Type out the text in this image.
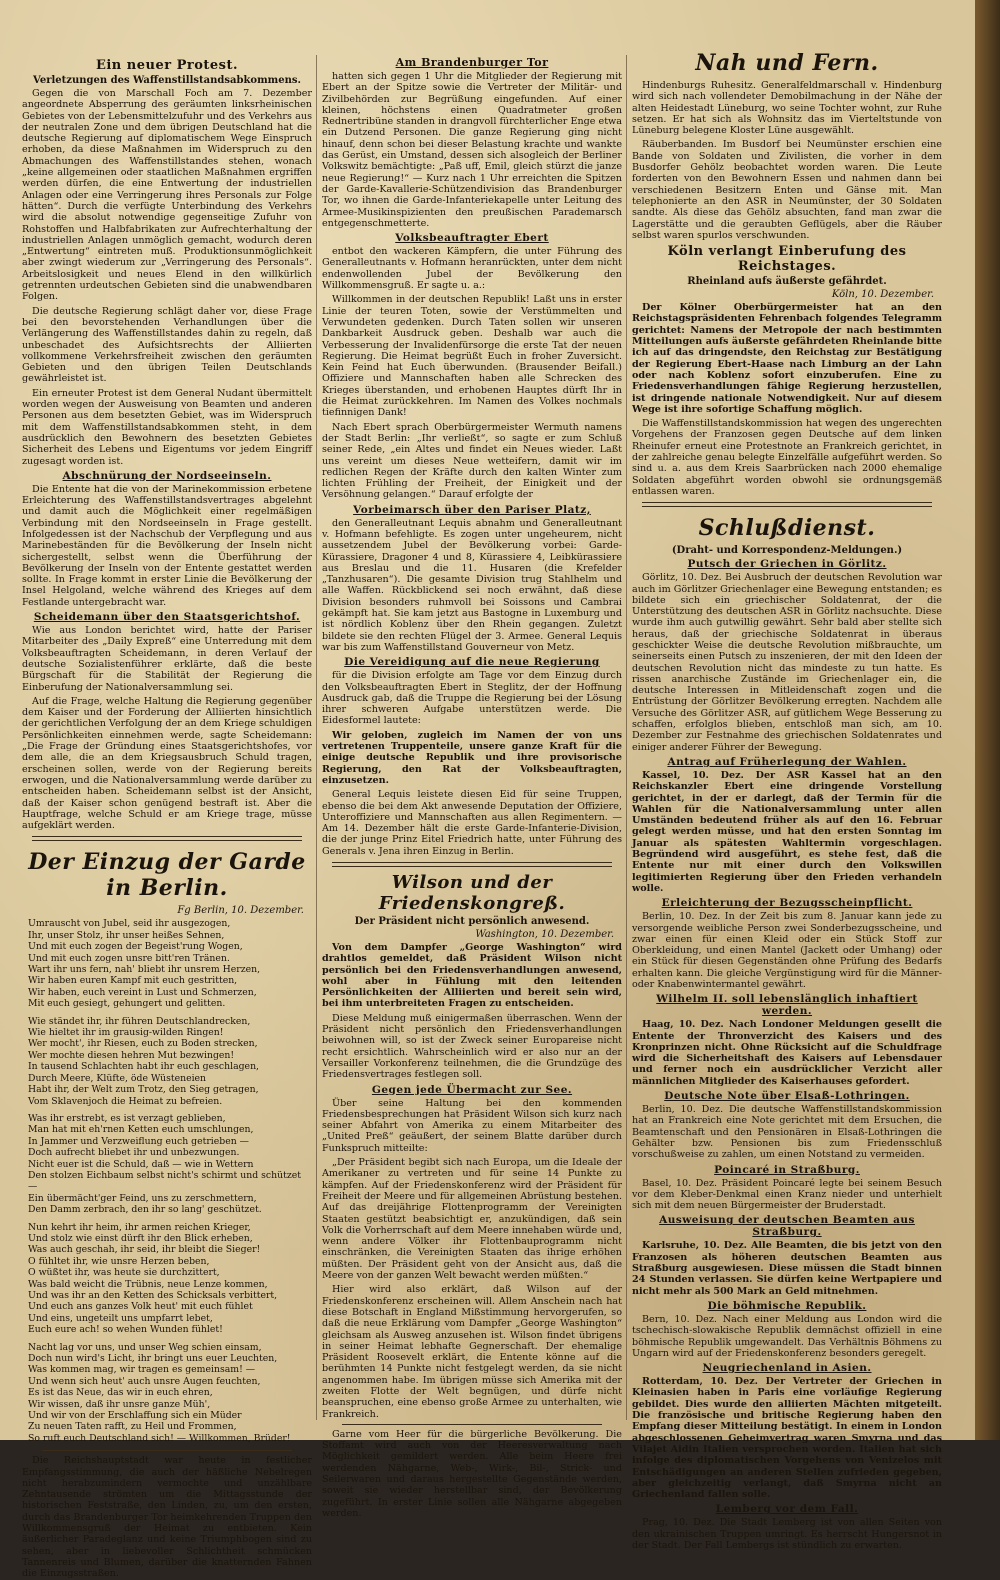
Ein neuer Protest.
Verletzungen des Waffenstillstandsabkommens.

Gegen die von Marschall Foch am 7. Dezember angeordnete Absperrung des geräumten linksrheinischen Gebietes von der Lebensmittelzufuhr und des Verkehrs aus der neutralen Zone und dem übrigen Deutschland hat die deutsche Regierung auf diplomatischem Wege Einspruch erhoben, da diese Maßnahmen im Widerspruch zu den Abmachungen des Waffenstillstandes stehen, wonach „keine allgemeinen oder staatlichen Maßnahmen ergriffen werden dürfen, die eine Entwertung der industriellen Anlagen oder eine Verringerung ihres Personals zur Folge hätten“. Durch die verfügte Unterbindung des Verkehrs wird die absolut notwendige gegenseitige Zufuhr von Rohstoffen und Halbfabrikaten zur Aufrechterhaltung der industriellen Anlagen unmöglich gemacht, wodurch deren „Entwertung“ eintreten muß. Produktionsunmöglichkeit aber zwingt wiederum zur „Verringerung des Personals“. Arbeitslosigkeit und neues Elend in den willkürlich getrennten urdeutschen Gebieten sind die unabwendbaren Folgen.

Die deutsche Regierung schlägt daher vor, diese Frage bei den bevorstehenden Verhandlungen über die Verlängerung des Waffenstillstandes dahin zu regeln, daß unbeschadet des Aufsichtsrechts der Alliierten vollkommene Verkehrsfreiheit zwischen den geräumten Gebieten und den übrigen Teilen Deutschlands gewährleistet ist.

Ein erneuter Protest ist dem General Nudant übermittelt worden wegen der Ausweisung von Beamten und anderen Personen aus dem besetzten Gebiet, was im Widerspruch mit dem Waffenstillstandsabkommen steht, in dem ausdrücklich den Bewohnern des besetzten Gebietes Sicherheit des Lebens und Eigentums vor jedem Eingriff zugesagt worden ist.

Abschnürung der Nordseeinseln.

Die Entente hat die von der Marinekommission erbetene Erleichterung des Waffenstillstandsvertrages abgelehnt und damit auch die Möglichkeit einer regelmäßigen Verbindung mit den Nordseeinseln in Frage gestellt. Infolgedessen ist der Nachschub der Verpflegung und aus Marinebeständen für die Bevölkerung der Inseln nicht sichergestellt, selbst wenn die Überführung der Bevölkerung der Inseln von der Entente gestattet werden sollte. In Frage kommt in erster Linie die Bevölkerung der Insel Helgoland, welche während des Krieges auf dem Festlande untergebracht war.

Scheidemann über den Staatsgerichtshof.

Wie aus London berichtet wird, hatte der Pariser Mitarbeiter des „Daily Expreß“ eine Unterredung mit dem Volksbeauftragten Scheidemann, in deren Verlauf der deutsche Sozialistenführer erklärte, daß die beste Bürgschaft für die Stabilität der Regierung die Einberufung der Nationalversammlung sei.

Auf die Frage, welche Haltung die Regierung gegenüber dem Kaiser und der Forderung der Alliierten hinsichtlich der gerichtlichen Verfolgung der an dem Kriege schuldigen Persönlichkeiten einnehmen werde, sagte Scheidemann: „Die Frage der Gründung eines Staatsgerichtshofes, vor dem alle, die an dem Kriegsausbruch Schuld tragen, erscheinen sollen, werde von der Regierung bereits erwogen, und die Nationalversammlung werde darüber zu entscheiden haben. Scheidemann selbst ist der Ansicht, daß der Kaiser schon genügend bestraft ist. Aber die Hauptfrage, welche Schuld er am Kriege trage, müsse aufgeklärt werden.

Der Einzug der Garde in Berlin.
Fg Berlin, 10. Dezember.
Umrauscht von Jubel, seid ihr ausgezogen,
Ihr, unser Stolz, ihr unser heißes Sehnen,
Und mit euch zogen der Begeist'rung Wogen,
Und mit euch zogen unsre bitt'ren Tränen.
Wart ihr uns fern, nah' bliebt ihr unsrem Herzen,
Wir haben euren Kampf mit euch gestritten,
Wir haben, euch vereint in Lust und Schmerzen,
Mit euch gesiegt, gehungert und gelitten.
Wie ständet ihr, ihr führen Deutschlandrecken,
Wie hieltet ihr im grausig-wilden Ringen!
Wer mocht', ihr Riesen, euch zu Boden strecken,
Wer mochte diesen hehren Mut bezwingen!
In tausend Schlachten habt ihr euch geschlagen,
Durch Meere, Klüfte, öde Wüsteneien
Habt ihr, der Welt zum Trotz, den Sieg getragen,
Vom Sklavenjoch die Heimat zu befreien.
Was ihr erstrebt, es ist verzagt geblieben,
Man hat mit eh'rnen Ketten euch umschlungen,
In Jammer und Verzweiflung euch getrieben —
Doch aufrecht bliebet ihr und unbezwungen.
Nicht euer ist die Schuld, daß — wie in Wettern
Den stolzen Eichbaum selbst nicht's schirmt und schützet —
Ein übermächt'ger Feind, uns zu zerschmettern,
Den Damm zerbrach, den ihr so lang' geschützet.
Nun kehrt ihr heim, ihr armen reichen Krieger,
Und stolz wie einst dürft ihr den Blick erheben,
Was auch geschah, ihr seid, ihr bleibt die Sieger!
O fühltet ihr, wie unsre Herzen beben,
O wüßtet ihr, was heute sie durchzittert,
Was bald weicht die Trübnis, neue Lenze kommen,
Und was ihr an den Ketten des Schicksals verbittert,
Und euch ans ganzes Volk heut' mit euch fühlet
Und eins, ungeteilt uns umpfarrt lebet,
Euch eure ach! so wehen Wunden fühlet!
Nacht lag vor uns, und unser Weg schien einsam,
Doch nun wird's Licht, ihr bringt uns euer Leuchten,
Was kommen mag, wir tragen es gemeinsam! —
Und wenn sich heut' auch unsre Augen feuchten,
Es ist das Neue, das wir in euch ehren,
Wir wissen, daß ihr unsre ganze Müh',
Und wir von der Erschlaffung sich ein Müder
Zu neuen Taten rafft, zu Heil und Frommen,
So ruft euch Deutschland sich! — Willkommen, Brüder!

Die Reichshauptstadt war heute in festlicher Empfangsstimmung, die auch der häßliche Nebelregen nicht herabzumindern vermochte und unzählbare Zehntausende strömten um die Mittagsstunde der historischen Feststraße, den Linden, zu, um den ersten, durch das Brandenburger Tor heimkehrenden Truppen den Willkommensgruß der Heimat zu entbieten. Kein äußerlicher Paradeglanz und keine Triumphbogen sind zu sehen, aber in liebevoller Schlichtheit schmücken Tannenreis und Blumen, darüber die knatternden Fahnen die Einzugsstraßen.

Am Brandenburger Tor

hatten sich gegen 1 Uhr die Mitglieder der Regierung mit Ebert an der Spitze sowie die Vertreter der Militär- und Zivilbehörden zur Begrüßung eingefunden. Auf einer kleinen, höchstens einen Quadratmeter großen Rednertribüne standen in drangvoll fürchterlicher Enge etwa ein Dutzend Personen. Die ganze Regierung ging nicht hinauf, denn schon bei dieser Belastung krachte und wankte das Gerüst, ein Umstand, dessen sich alsogleich der Berliner Volkswitz bemächtigte: „Paß uff, Emil, gleich stürzt die janze neue Regierung!“ — Kurz nach 1 Uhr erreichten die Spitzen der Garde-Kavallerie-Schützendivision das Brandenburger Tor, wo ihnen die Garde-Infanteriekapelle unter Leitung des Armee-Musikinspizienten den preußischen Parademarsch entgegenschmetterte.

Volksbeauftragter Ebert

entbot den wackeren Kämpfern, die unter Führung des Generalleutnants v. Hofmann heranrückten, unter dem nicht endenwollenden Jubel der Bevölkerung den Willkommensgruß. Er sagte u. a.:

Willkommen in der deutschen Republik! Laßt uns in erster Linie der teuren Toten, sowie der Verstümmelten und Verwundeten gedenken. Durch Taten sollen wir unseren Dankbarkeit Ausdruck geben. Deshalb war auch die Verbesserung der Invalidenfürsorge die erste Tat der neuen Regierung. Die Heimat begrüßt Euch in froher Zuversicht. Kein Feind hat Euch überwunden. (Brausender Beifall.) Offiziere und Mannschaften haben alle Schrecken des Krieges überstanden, und erhobenen Hauptes dürft Ihr in die Heimat zurückkehren. Im Namen des Volkes nochmals tiefinnigen Dank!

Nach Ebert sprach Oberbürgermeister Wermuth namens der Stadt Berlin: „Ihr verließt“, so sagte er zum Schluß seiner Rede, „ein Altes und findet ein Neues wieder. Laßt uns vereint um dieses Neue wetteifern, damit wir im redlichen Regen der Kräfte durch den kalten Winter zum lichten Frühling der Freiheit, der Einigkeit und der Versöhnung gelangen.“ Darauf erfolgte der

Vorbeimarsch über den Pariser Platz,

den Generalleutnant Lequis abnahm und Generalleutnant v. Hofmann befehligte. Es zogen unter ungeheurem, nicht aussetzendem Jubel der Bevölkerung vorbei: Garde-Kürassiere, Dragoner 4 und 8, Kürassiere 4, Leibkürassiere aus Breslau und die 11. Husaren (die Krefelder „Tanzhusaren“). Die gesamte Division trug Stahlhelm und alle Waffen. Rückblickend sei noch erwähnt, daß diese Division besonders ruhmvoll bei Soissons und Cambrai gekämpft hat. Sie kam jetzt aus Bastogne in Luxemburg und ist nördlich Koblenz über den Rhein gegangen. Zuletzt bildete sie den rechten Flügel der 3. Armee. General Lequis war bis zum Waffenstillstand Gouverneur von Metz.

Die Vereidigung auf die neue Regierung

für die Division erfolgte am Tage vor dem Einzug durch den Volksbeauftragten Ebert in Steglitz, der der Hoffnung Ausdruck gab, daß die Truppe die Regierung bei der Lösung ihrer schweren Aufgabe unterstützen werde. Die Eidesformel lautete:

Wir geloben, zugleich im Namen der von uns vertretenen Truppenteile, unsere ganze Kraft für die einige deutsche Republik und ihre provisorische Regierung, den Rat der Volksbeauftragten, einzusetzen.

General Lequis leistete diesen Eid für seine Truppen, ebenso die bei dem Akt anwesende Deputation der Offiziere, Unteroffiziere und Mannschaften aus allen Regimentern. — Am 14. Dezember hält die erste Garde-Infanterie-Division, die der junge Prinz Eitel Friedrich hatte, unter Führung des Generals v. Jena ihren Einzug in Berlin.

Wilson und der Friedenskongreß.
Der Präsident nicht persönlich anwesend.
Washington, 10. Dezember.

Von dem Dampfer „George Washington“ wird drahtlos gemeldet, daß Präsident Wilson nicht persönlich bei den Friedensverhandlungen anwesend, wohl aber in Fühlung mit den leitenden Persönlichkeiten der Alliierten und bereit sein wird, bei ihm unterbreiteten Fragen zu entscheiden.

Diese Meldung muß einigermaßen überraschen. Wenn der Präsident nicht persönlich den Friedensverhandlungen beiwohnen will, so ist der Zweck seiner Europareise nicht recht ersichtlich. Wahrscheinlich wird er also nur an der Versailler Vorkonferenz teilnehmen, die die Grundzüge des Friedensvertrages festlegen soll.

Gegen jede Übermacht zur See.

Über seine Haltung bei den kommenden Friedensbesprechungen hat Präsident Wilson sich kurz nach seiner Abfahrt von Amerika zu einem Mitarbeiter des „United Preß“ geäußert, der seinem Blatte darüber durch Funkspruch mitteilte:

„Der Präsident begibt sich nach Europa, um die Ideale der Amerikaner zu vertreten und für seine 14 Punkte zu kämpfen. Auf der Friedenskonferenz wird der Präsident für Freiheit der Meere und für allgemeinen Abrüstung bestehen. Auf das dreijährige Flottenprogramm der Vereinigten Staaten gestützt beabsichtigt er, anzukündigen, daß sein Volk die Vorherrschaft auf dem Meere innehaben würde und, wenn andere Völker ihr Flottenbauprogramm nicht einschränken, die Vereinigten Staaten das ihrige erhöhen müßten. Der Präsident geht von der Ansicht aus, daß die Meere von der ganzen Welt bewacht werden müßten.“

Hier wird also erklärt, daß Wilson auf der Friedenskonferenz erscheinen will. Allem Anschein nach hat diese Botschaft in England Mißstimmung hervorgerufen, so daß die neue Erklärung vom Dampfer „George Washington“ gleichsam als Ausweg anzusehen ist. Wilson findet übrigens in seiner Heimat lebhafte Gegnerschaft. Der ehemalige Präsident Roosevelt erklärt, die Entente könne auf die berühmten 14 Punkte nicht festgelegt werden, da sie nicht angenommen habe. Im übrigen müsse sich Amerika mit der zweiten Flotte der Welt begnügen, und dürfe nicht beanspruchen, eine ebenso große Armee zu unterhalten, wie Frankreich.

Garne vom Heer für die bürgerliche Bevölkerung. Die Stoffamt wird auch von der Heeresverwaltung nach Möglichkeit gemildert werden. Alle beim Heere frei werdenden Nähgarne, Web-, Wirk-, Bil-, Strick- und Seilerwaren und daraus hergestellte Gegenstände werden, soweit sie wieder herstellbar sind, der Bevölkerung zugeführt. In erster Linie sollen alle Nähgarne abgegeben werden.

Nah und Fern.

Hindenburgs Ruhesitz. Generalfeldmarschall v. Hindenburg wird sich nach vollendeter Demobilmachung in der Nähe der alten Heidestadt Lüneburg, wo seine Tochter wohnt, zur Ruhe setzen. Er hat sich als Wohnsitz das im Vierteltstunde von Lüneburg belegene Kloster Lüne ausgewählt.

Räuberbanden. Im Busdorf bei Neumünster erschien eine Bande von Soldaten und Zivilisten, die vorher in dem Busdorfer Gehölz beobachtet worden waren. Die Leute forderten von den Bewohnern Essen und nahmen dann bei verschiedenen Besitzern Enten und Gänse mit. Man telephonierte an den ASR in Neumünster, der 30 Soldaten sandte. Als diese das Gehölz absuchten, fand man zwar die Lagerstätte und die geraubten Geflügels, aber die Räuber selbst waren spurlos verschwunden.

Köln verlangt Einberufung des Reichstages.
Rheinland aufs äußerste gefährdet.
Köln, 10. Dezember.

Der Kölner Oberbürgermeister hat an den Reichstagspräsidenten Fehrenbach folgendes Telegramm gerichtet: Namens der Metropole der nach bestimmten Mitteilungen aufs äußerste gefährdeten Rheinlande bitte ich auf das dringendste, den Reichstag zur Bestätigung der Regierung Ebert-Haase nach Limburg an der Lahn oder nach Koblenz sofort einzuberufen. Eine zu Friedensverhandlungen fähige Regierung herzustellen, ist dringende nationale Notwendigkeit. Nur auf diesem Wege ist ihre sofortige Schaffung möglich.

Die Waffenstillstandskommission hat wegen des ungerechten Vorgehens der Franzosen gegen Deutsche auf dem linken Rheinufer erneut eine Protestnote an Frankreich gerichtet, in der zahlreiche genau belegte Einzelfälle aufgeführt werden. So sind u. a. aus dem Kreis Saarbrücken nach 2000 ehemalige Soldaten abgeführt worden obwohl sie ordnungsgemäß entlassen waren.

Schlußdienst.
(Draht- und Korrespondenz-Meldungen.)
Putsch der Griechen in Görlitz.

Görlitz, 10. Dez. Bei Ausbruch der deutschen Revolution war auch im Görlitzer Griechenlager eine Bewegung entstanden; es bildete sich ein griechischer Soldatenrat, der die Unterstützung des deutschen ASR in Görlitz nachsuchte. Diese wurde ihm auch gutwillig gewährt. Sehr bald aber stellte sich heraus, daß der griechische Soldatenrat in überaus geschickter Weise die deutsche Revolution mißbrauchte, um seinerseits einen Putsch zu inszenieren, der mit den Ideen der deutschen Revolution nicht das mindeste zu tun hatte. Es rissen anarchische Zustände im Griechenlager ein, die deutsche Interessen in Mitleidenschaft zogen und die Entrüstung der Görlitzer Bevölkerung erregten. Nachdem alle Versuche des Görlitzer ASR, auf gütlichem Wege Besserung zu schaffen, erfolglos blieben, entschloß man sich, am 10. Dezember zur Festnahme des griechischen Soldatenrates und einiger anderer Führer der Bewegung.

Antrag auf Früherlegung der Wahlen.

Kassel, 10. Dez. Der ASR Kassel hat an den Reichskanzler Ebert eine dringende Vorstellung gerichtet, in der er darlegt, daß der Termin für die Wahlen für die Nationalversammlung unter allen Umständen bedeutend früher als auf den 16. Februar gelegt werden müsse, und hat den ersten Sonntag im Januar als spätesten Wahltermin vorgeschlagen. Begründend wird ausgeführt, es stehe fest, daß die Entente nur mit einer durch den Volkswillen legitimierten Regierung über den Frieden verhandeln wolle.

Erleichterung der Bezugsscheinpflicht.

Berlin, 10. Dez. In der Zeit bis zum 8. Januar kann jede zu versorgende weibliche Person zwei Sonderbezugsscheine, und zwar einen für einen Kleid oder ein Stück Stoff zur Oberkleidung, und einen Mantel (Jackett oder Umhang) oder ein Stück für diesen Gegenständen ohne Prüfung des Bedarfs erhalten kann. Die gleiche Vergünstigung wird für die Männer- oder Knabenwintermantel gewährt.

Wilhelm II. soll lebenslänglich inhaftiert werden.

Haag, 10. Dez. Nach Londoner Meldungen gesellt die Entente der Thronverzicht des Kaisers und des Kronprinzen nicht. Ohne Rücksicht auf die Schuldfrage wird die Sicherheitshaft des Kaisers auf Lebensdauer und ferner noch ein ausdrücklicher Verzicht aller männlichen Mitglieder des Kaiserhauses gefordert.

Deutsche Note über Elsaß-Lothringen.

Berlin, 10. Dez. Die deutsche Waffenstillstandskommission hat an Frankreich eine Note gerichtet mit dem Ersuchen, die Beamtenschaft und den Pensionären in Elsaß-Lothringen die Gehälter bzw. Pensionen bis zum Friedensschluß vorschußweise zu zahlen, um einen Notstand zu vermeiden.

Poincaré in Straßburg.

Basel, 10. Dez. Präsident Poincaré legte bei seinem Besuch vor dem Kleber-Denkmal einen Kranz nieder und unterhielt sich mit dem neuen Bürgermeister der Bruderstadt.

Ausweisung der deutschen Beamten aus Straßburg.

Karlsruhe, 10. Dez. Alle Beamten, die bis jetzt von den Franzosen als höheren deutschen Beamten aus Straßburg ausgewiesen. Diese müssen die Stadt binnen 24 Stunden verlassen. Sie dürfen keine Wertpapiere und nicht mehr als 500 Mark an Geld mitnehmen.

Die böhmische Republik.

Bern, 10. Dez. Nach einer Meldung aus London wird die tschechisch-slowakische Republik demnächst offiziell in eine böhmische Republik umgewandelt. Das Verhältnis Böhmens zu Ungarn wird auf der Friedenskonferenz besonders geregelt.

Neugriechenland in Asien.

Rotterdam, 10. Dez. Der Vertreter der Griechen in Kleinasien haben in Paris eine vorläufige Regierung gebildet. Dies wurde den alliierten Mächten mitgeteilt. Die französische und britische Regierung haben den Empfang dieser Mitteilung bestätigt. In einem in London abgeschlossenen Geheimvertrag waren Smyrna und das Vilajet Aidin Italien versprochen worden. Italien hat sich infolge des diplomatischen Vorgehens von Venizelos mit Entschädigungen an anderen Stellen zufrieden gegeben, aber gleichzeitig verlangt, daß Smyrna nicht an Griechenland fallen solle.

Lemberg vor dem Fall.

Prag, 10. Dez. Die Stadt Lemberg ist von allen Seiten von den ukrainischen Truppen umringt. Es herrscht Hungersnot in der Stadt. Der Fall Lembergs ist stündlich zu erwarten.
